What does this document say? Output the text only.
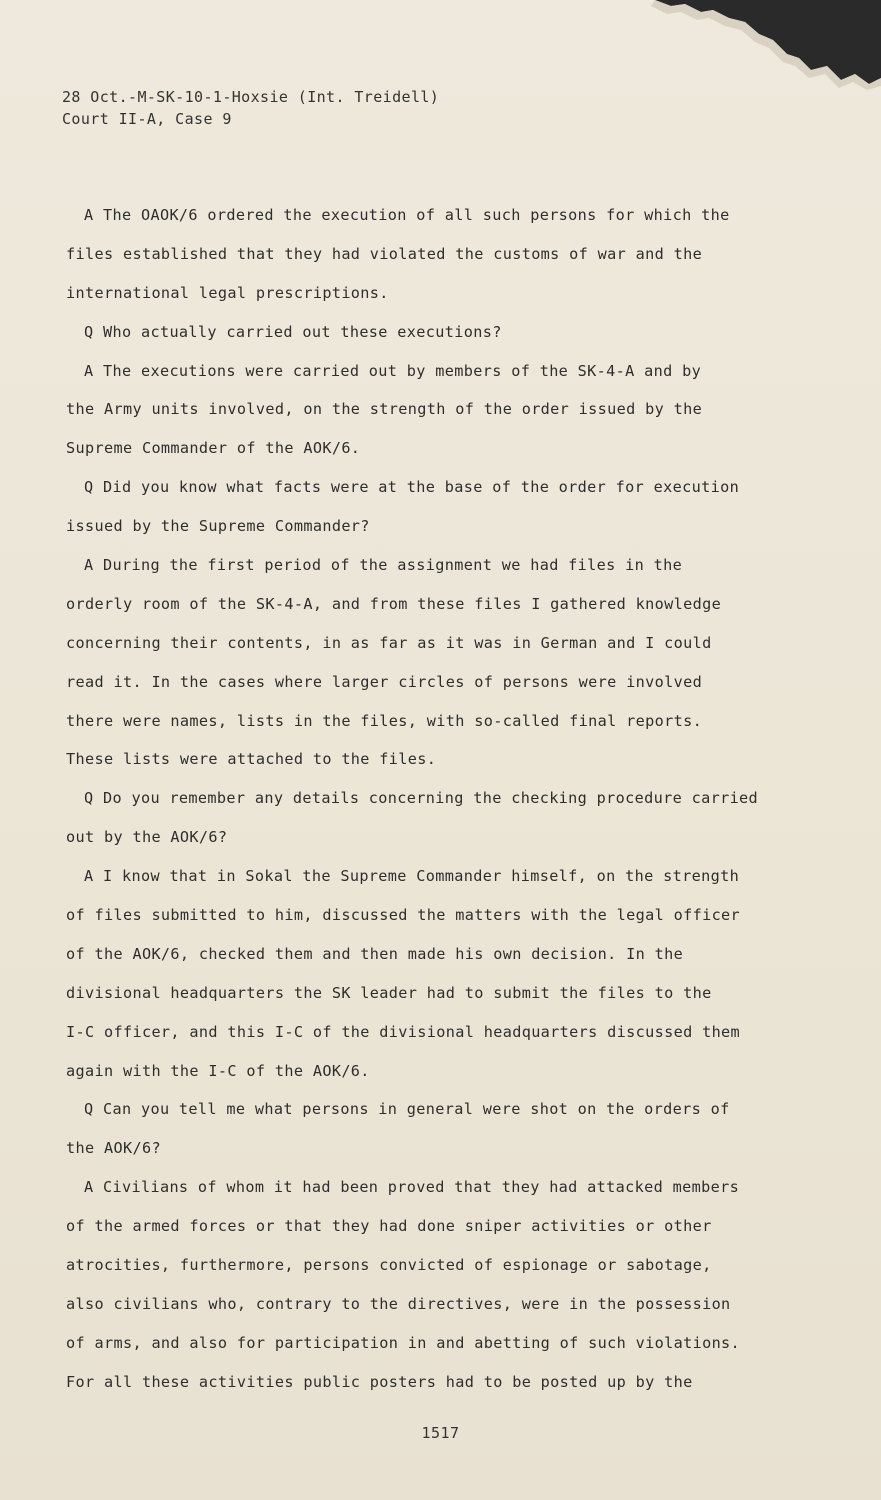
28 Oct.-M-SK-10-1-Hoxsie (Int. Treidell)
Court II-A, Case 9
A The OAOK/6 ordered the execution of all such persons for which the
files established that they had violated the customs of war and the
international legal prescriptions.
Q Who actually carried out these executions?
A The executions were carried out by members of the SK-4-A and by
the Army units involved, on the strength of the order issued by the
Supreme Commander of the AOK/6.
Q Did you know what facts were at the base of the order for execution
issued by the Supreme Commander?
A During the first period of the assignment we had files in the
orderly room of the SK-4-A, and from these files I gathered knowledge
concerning their contents, in as far as it was in German and I could
read it. In the cases where larger circles of persons were involved
there were names, lists in the files, with so-called final reports.
These lists were attached to the files.
Q Do you remember any details concerning the checking procedure carried
out by the AOK/6?
A I know that in Sokal the Supreme Commander himself, on the strength
of files submitted to him, discussed the matters with the legal officer
of the AOK/6, checked them and then made his own decision. In the
divisional headquarters the SK leader had to submit the files to the
I-C officer, and this I-C of the divisional headquarters discussed them
again with the I-C of the AOK/6.
Q Can you tell me what persons in general were shot on the orders of
the AOK/6?
A Civilians of whom it had been proved that they had attacked members
of the armed forces or that they had done sniper activities or other
atrocities, furthermore, persons convicted of espionage or sabotage,
also civilians who, contrary to the directives, were in the possession
of arms, and also for participation in and abetting of such violations.
For all these activities public posters had to be posted up by the
1517
